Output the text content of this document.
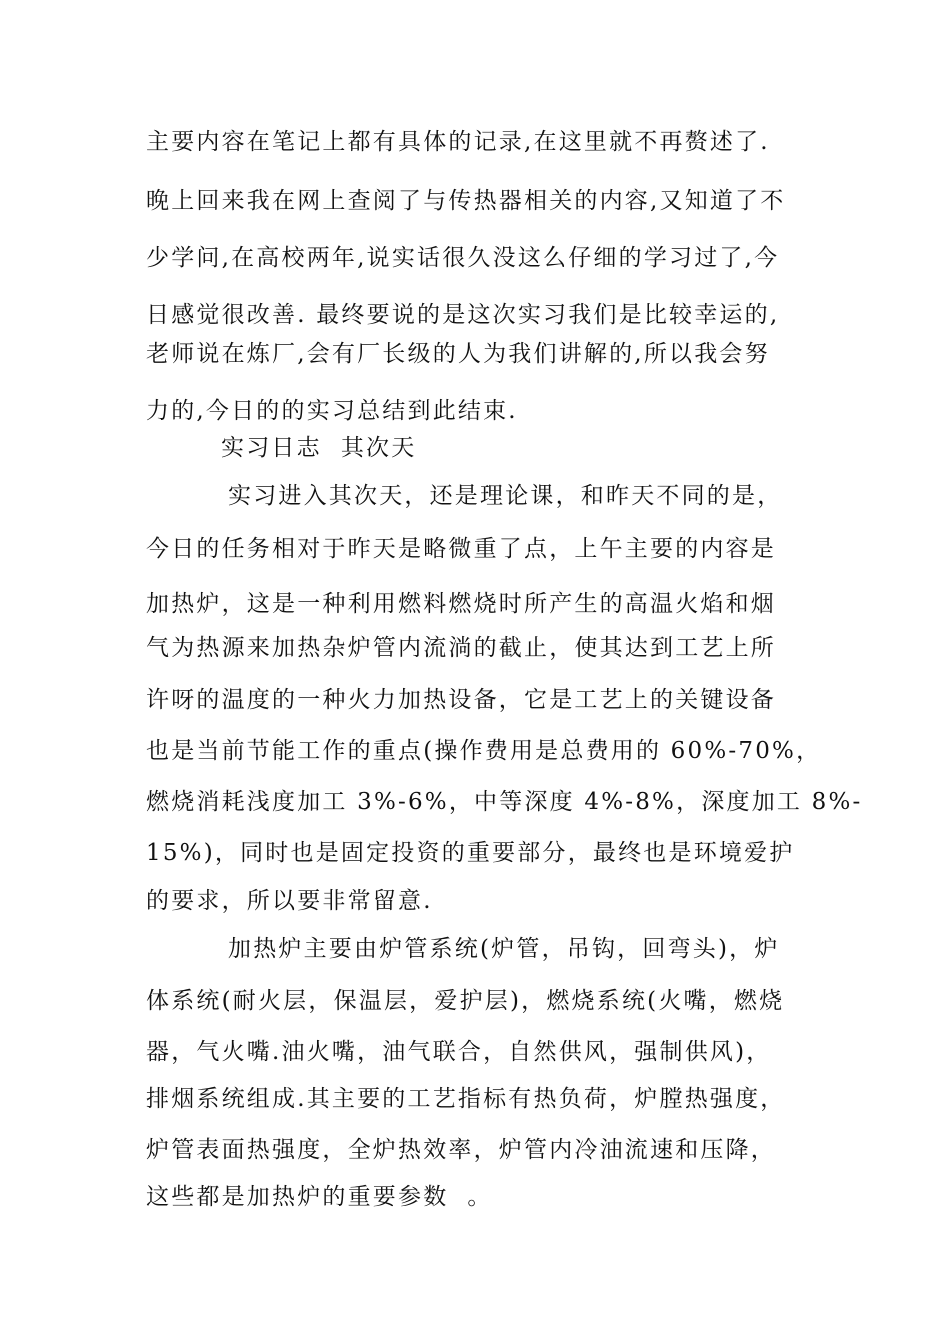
主要内容在笔记上都有具体的记录,在这里就不再赘述了.
晚上回来我在网上查阅了与传热器相关的内容,又知道了不
少学问,在高校两年,说实话很久没这么仔细的学习过了,今
日感觉很改善. 最终要说的是这次实习我们是比较幸运的,
老师说在炼厂,会有厂长级的人为我们讲解的,所以我会努
力的,今日的的实习总结到此结束.
实习日志  其次天
实习进入其次天，还是理论课，和昨天不同的是，
今日的任务相对于昨天是略微重了点，上午主要的内容是
加热炉，这是一种利用燃料燃烧时所产生的高温火焰和烟
气为热源来加热杂炉管内流淌的截止，使其达到工艺上所
许呀的温度的一种火力加热设备，它是工艺上的关键设备
也是当前节能工作的重点(操作费用是总费用的 60%-70%，
燃烧消耗浅度加工 3%-6%，中等深度 4%-8%，深度加工 8%-
15%)，同时也是固定投资的重要部分，最终也是环境爱护
的要求，所以要非常留意.
加热炉主要由炉管系统(炉管，吊钩，回弯头)，炉
体系统(耐火层，保温层，爱护层)，燃烧系统(火嘴，燃烧
器，气火嘴.油火嘴，油气联合，自然供风，强制供风)，
排烟系统组成.其主要的工艺指标有热负荷，炉膛热强度，
炉管表面热强度，全炉热效率，炉管内冷油流速和压降，
这些都是加热炉的重要参数  。
